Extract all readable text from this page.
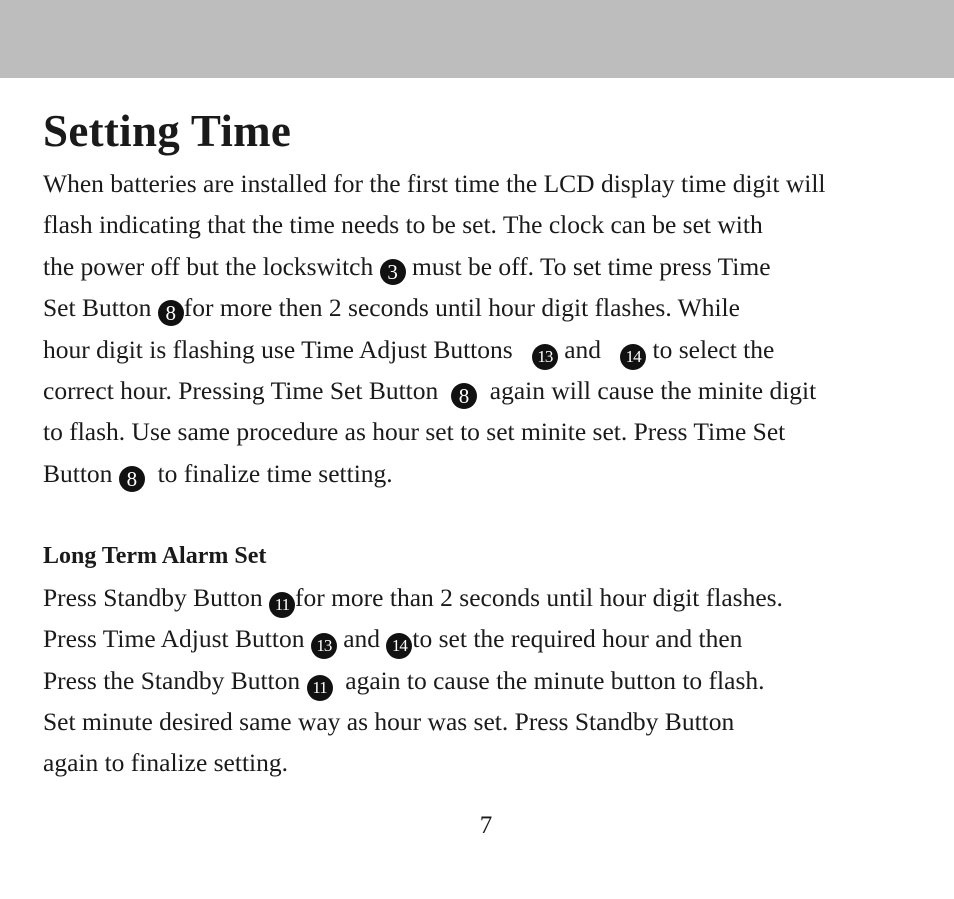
Setting Time

When batteries are installed for the first time the LCD display time digit will

flash indicating that the time needs to be set. The clock can be set with

the power off but the lockswitch 3 must be off. To set time press Time

Set Button 8 for more then 2 seconds until hour digit flashes. While

hour digit is flashing use Time Adjust Buttons 13 and 14 to select the

correct hour. Pressing Time Set Button 8 again will cause the minite digit

to flash. Use same procedure as hour set to set minite set. Press Time Set

Button 8 to finalize time setting.

Long Term Alarm Set

Press Standby Button 11 for more than 2 seconds until hour digit flashes.

Press Time Adjust Button 13 and 14 to set the required hour and then

Press the Standby Button 11 again to cause the minute button to flash.

Set minute desired same way as hour was set. Press Standby Button

again to finalize setting.

7
